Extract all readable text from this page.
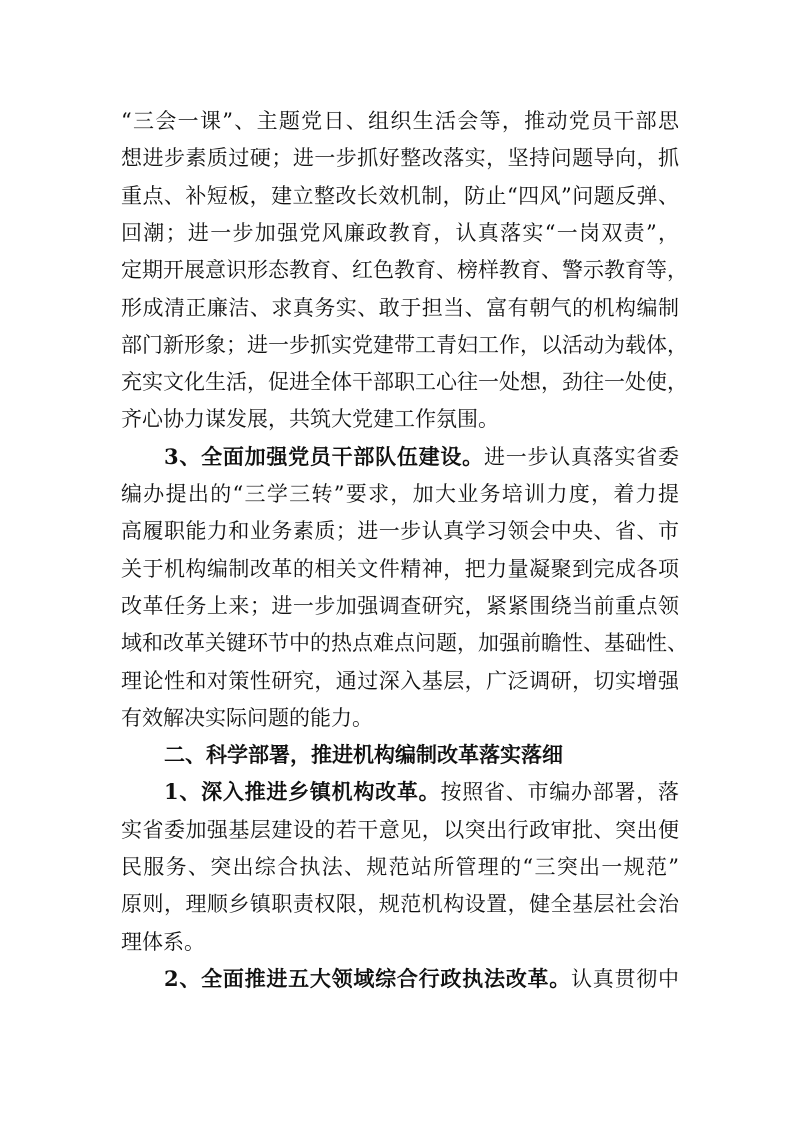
“三会一课”、主题党日、组织生活会等，推动党员干部思
想进步素质过硬；进一步抓好整改落实，坚持问题导向，抓
重点、补短板，建立整改长效机制，防止“四风”问题反弹、
回潮；进一步加强党风廉政教育，认真落实“一岗双责”，
定期开展意识形态教育、红色教育、榜样教育、警示教育等，
形成清正廉洁、求真务实、敢于担当、富有朝气的机构编制
部门新形象；进一步抓实党建带工青妇工作，以活动为载体，
充实文化生活，促进全体干部职工心往一处想，劲往一处使，
齐心协力谋发展，共筑大党建工作氛围。
3、全面加强党员干部队伍建设。进一步认真落实省委
编办提出的“三学三转”要求，加大业务培训力度，着力提
高履职能力和业务素质；进一步认真学习领会中央、省、市
关于机构编制改革的相关文件精神，把力量凝聚到完成各项
改革任务上来；进一步加强调查研究，紧紧围绕当前重点领
域和改革关键环节中的热点难点问题，加强前瞻性、基础性、
理论性和对策性研究，通过深入基层，广泛调研，切实增强
有效解决实际问题的能力。
二、科学部署，推进机构编制改革落实落细
1、深入推进乡镇机构改革。按照省、市编办部署，落
实省委加强基层建设的若干意见，以突出行政审批、突出便
民服务、突出综合执法、规范站所管理的“三突出一规范”
原则，理顺乡镇职责权限，规范机构设置，健全基层社会治
理体系。
2、全面推进五大领域综合行政执法改革。认真贯彻中
